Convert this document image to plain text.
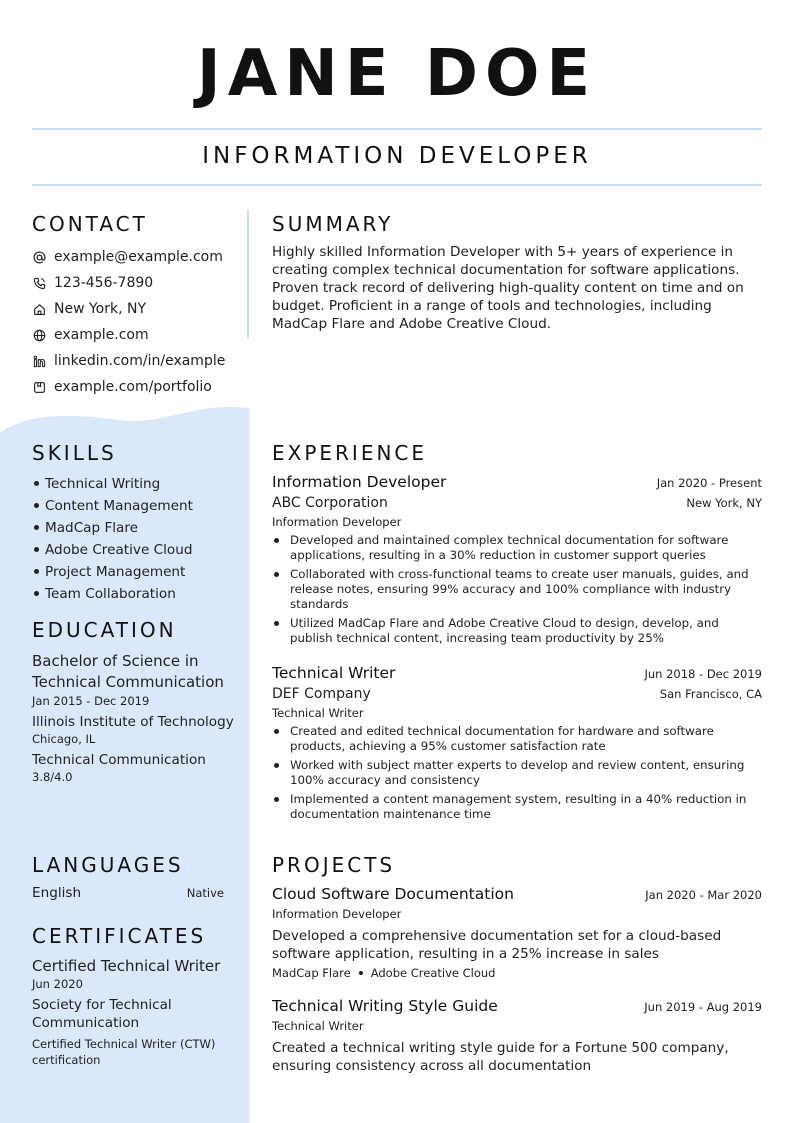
JANE DOE
INFORMATION DEVELOPER
CONTACT
example@example.com
123-456-7890
New York, NY
example.com
linkedin.com/in/example
example.com/portfolio
SUMMARY
Highly skilled Information Developer with 5+ years of experience in creating complex technical documentation for software applications. Proven track record of delivering high-quality content on time and on budget. Proficient in a range of tools and technologies, including MadCap Flare and Adobe Creative Cloud.
SKILLS
Technical Writing
Content Management
MadCap Flare
Adobe Creative Cloud
Project Management
Team Collaboration
EDUCATION
Bachelor of Science in Technical Communication
Jan 2015 - Dec 2019
Illinois Institute of Technology
Chicago, IL
Technical Communication
3.8/4.0
LANGUAGES
English	Native
CERTIFICATES
Certified Technical Writer
Jun 2020
Society for Technical Communication
Certified Technical Writer (CTW) certification
EXPERIENCE
Information Developer	Jan 2020 - Present
ABC Corporation	New York, NY
Information Developer
Developed and maintained complex technical documentation for software applications, resulting in a 30% reduction in customer support queries
Collaborated with cross-functional teams to create user manuals, guides, and release notes, ensuring 99% accuracy and 100% compliance with industry standards
Utilized MadCap Flare and Adobe Creative Cloud to design, develop, and publish technical content, increasing team productivity by 25%
Technical Writer	Jun 2018 - Dec 2019
DEF Company	San Francisco, CA
Technical Writer
Created and edited technical documentation for hardware and software products, achieving a 95% customer satisfaction rate
Worked with subject matter experts to develop and review content, ensuring 100% accuracy and consistency
Implemented a content management system, resulting in a 40% reduction in documentation maintenance time
PROJECTS
Cloud Software Documentation	Jan 2020 - Mar 2020
Information Developer
Developed a comprehensive documentation set for a cloud-based software application, resulting in a 25% increase in sales
MadCap Flare Adobe Creative Cloud
Technical Writing Style Guide	Jun 2019 - Aug 2019
Technical Writer
Created a technical writing style guide for a Fortune 500 company, ensuring consistency across all documentation
